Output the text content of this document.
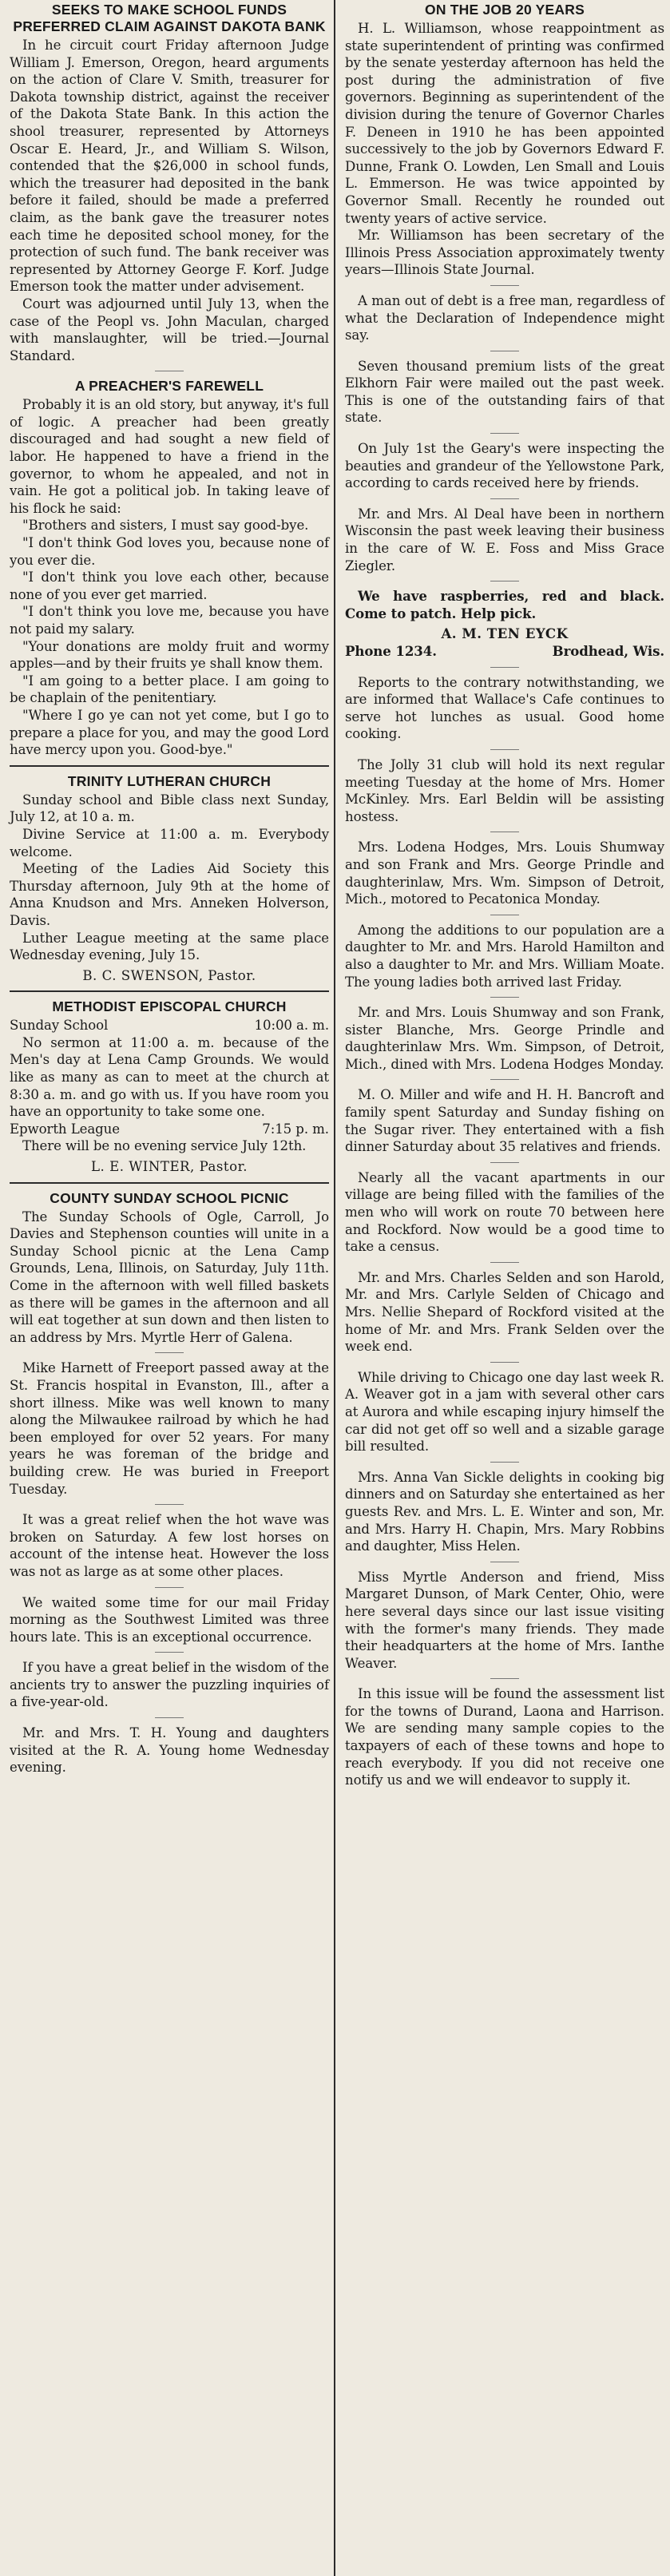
SEEKS TO MAKE SCHOOL FUNDS PREFERRED CLAIM AGAINST DAKOTA BANK

In he circuit court Friday afternoon Judge William J. Emerson, Oregon, heard arguments on the action of Clare V. Smith, treasurer for Dakota township district, against the receiver of the Dakota State Bank. In this action the shool treasurer, represented by Attorneys Oscar E. Heard, Jr., and William S. Wilson, contended that the $26,000 in school funds, which the treasurer had deposited in the bank before it failed, should be made a preferred claim, as the bank gave the treasurer notes each time he deposited school money, for the protection of such fund. The bank receiver was represented by Attorney George F. Korf. Judge Emerson took the matter under advisement.

Court was adjourned until July 13, when the case of the Peopl vs. John Maculan, charged with manslaughter, will be tried.—Journal Standard.

A PREACHER'S FAREWELL

Probably it is an old story, but anyway, it's full of logic. A preacher had been greatly discouraged and had sought a new field of labor. He happened to have a friend in the governor, to whom he appealed, and not in vain. He got a political job. In taking leave of his flock he said:

"Brothers and sisters, I must say good-bye.

"I don't think God loves you, because none of you ever die.

"I don't think you love each other, because none of you ever get married.

"I don't think you love me, because you have not paid my salary.

"Your donations are moldy fruit and wormy apples—and by their fruits ye shall know them.

"I am going to a better place. I am going to be chaplain of the penitentiary.

"Where I go ye can not yet come, but I go to prepare a place for you, and may the good Lord have mercy upon you. Good-bye."

TRINITY LUTHERAN CHURCH

Sunday school and Bible class next Sunday, July 12, at 10 a. m.

Divine Service at 11:00 a. m. Everybody welcome.

Meeting of the Ladies Aid Society this Thursday afternoon, July 9th at the home of Anna Knudson and Mrs. Anneken Holverson, Davis.

Luther League meeting at the same place Wednesday evening, July 15.

B. C. SWENSON, Pastor.

METHODIST EPISCOPAL CHURCH

Sunday School	10:00 a. m.

No sermon at 11:00 a. m. because of the Men's day at Lena Camp Grounds. We would like as many as can to meet at the church at 8:30 a. m. and go with us. If you have room you have an opportunity to take some one.

Epworth League	7:15 p. m.

There will be no evening service July 12th.

L. E. WINTER, Pastor.

COUNTY SUNDAY SCHOOL PICNIC

The Sunday Schools of Ogle, Carroll, Jo Davies and Stephenson counties will unite in a Sunday School picnic at the Lena Camp Grounds, Lena, Illinois, on Saturday, July 11th. Come in the afternoon with well filled baskets as there will be games in the afternoon and all will eat together at sun down and then listen to an address by Mrs. Myrtle Herr of Galena.

Mike Harnett of Freeport passed away at the St. Francis hospital in Evanston, Ill., after a short illness. Mike was well known to many along the Milwaukee railroad by which he had been employed for over 52 years. For many years he was foreman of the bridge and building crew. He was buried in Freeport Tuesday.

It was a great relief when the hot wave was broken on Saturday. A few lost horses on account of the intense heat. However the loss was not as large as at some other places.

We waited some time for our mail Friday morning as the Southwest Limited was three hours late. This is an exceptional occurrence.

If you have a great belief in the wisdom of the ancients try to answer the puzzling inquiries of a five-year-old.

Mr. and Mrs. T. H. Young and daughters visited at the R. A. Young home Wednesday evening.

ON THE JOB 20 YEARS

H. L. Williamson, whose reappointment as state superintendent of printing was confirmed by the senate yesterday afternoon has held the post during the administration of five governors. Beginning as superintendent of the division during the tenure of Governor Charles F. Deneen in 1910 he has been appointed successively to the job by Governors Edward F. Dunne, Frank O. Lowden, Len Small and Louis L. Emmerson. He was twice appointed by Governor Small. Recently he rounded out twenty years of active service.

Mr. Williamson has been secretary of the Illinois Press Association approximately twenty years—Illinois State Journal.

A man out of debt is a free man, regardless of what the Declaration of Independence might say.

Seven thousand premium lists of the great Elkhorn Fair were mailed out the past week. This is one of the outstanding fairs of that state.

On July 1st the Geary's were inspecting the beauties and grandeur of the Yellowstone Park, according to cards received here by friends.

Mr. and Mrs. Al Deal have been in northern Wisconsin the past week leaving their business in the care of W. E. Foss and Miss Grace Ziegler.

We have raspberries, red and black. Come to patch. Help pick.

A. M. TEN EYCK

Phone 1234.	Brodhead, Wis.

Reports to the contrary notwithstanding, we are informed that Wallace's Cafe continues to serve hot lunches as usual. Good home cooking.

The Jolly 31 club will hold its next regular meeting Tuesday at the home of Mrs. Homer McKinley. Mrs. Earl Beldin will be assisting hostess.

Mrs. Lodena Hodges, Mrs. Louis Shumway and son Frank and Mrs. George Prindle and daughterinlaw, Mrs. Wm. Simpson of Detroit, Mich., motored to Pecatonica Monday.

Among the additions to our population are a daughter to Mr. and Mrs. Harold Hamilton and also a daughter to Mr. and Mrs. William Moate. The young ladies both arrived last Friday.

Mr. and Mrs. Louis Shumway and son Frank, sister Blanche, Mrs. George Prindle and daughterinlaw Mrs. Wm. Simpson, of Detroit, Mich., dined with Mrs. Lodena Hodges Monday.

M. O. Miller and wife and H. H. Bancroft and family spent Saturday and Sunday fishing on the Sugar river. They entertained with a fish dinner Saturday about 35 relatives and friends.

Nearly all the vacant apartments in our village are being filled with the families of the men who will work on route 70 between here and Rockford. Now would be a good time to take a census.

Mr. and Mrs. Charles Selden and son Harold, Mr. and Mrs. Carlyle Selden of Chicago and Mrs. Nellie Shepard of Rockford visited at the home of Mr. and Mrs. Frank Selden over the week end.

While driving to Chicago one day last week R. A. Weaver got in a jam with several other cars at Aurora and while escaping injury himself the car did not get off so well and a sizable garage bill resulted.

Mrs. Anna Van Sickle delights in cooking big dinners and on Saturday she entertained as her guests Rev. and Mrs. L. E. Winter and son, Mr. and Mrs. Harry H. Chapin, Mrs. Mary Robbins and daughter, Miss Helen.

Miss Myrtle Anderson and friend, Miss Margaret Dunson, of Mark Center, Ohio, were here several days since our last issue visiting with the former's many friends. They made their headquarters at the home of Mrs. Ianthe Weaver.

In this issue will be found the assessment list for the towns of Durand, Laona and Harrison. We are sending many sample copies to the taxpayers of each of these towns and hope to reach everybody. If you did not receive one notify us and we will endeavor to supply it.
